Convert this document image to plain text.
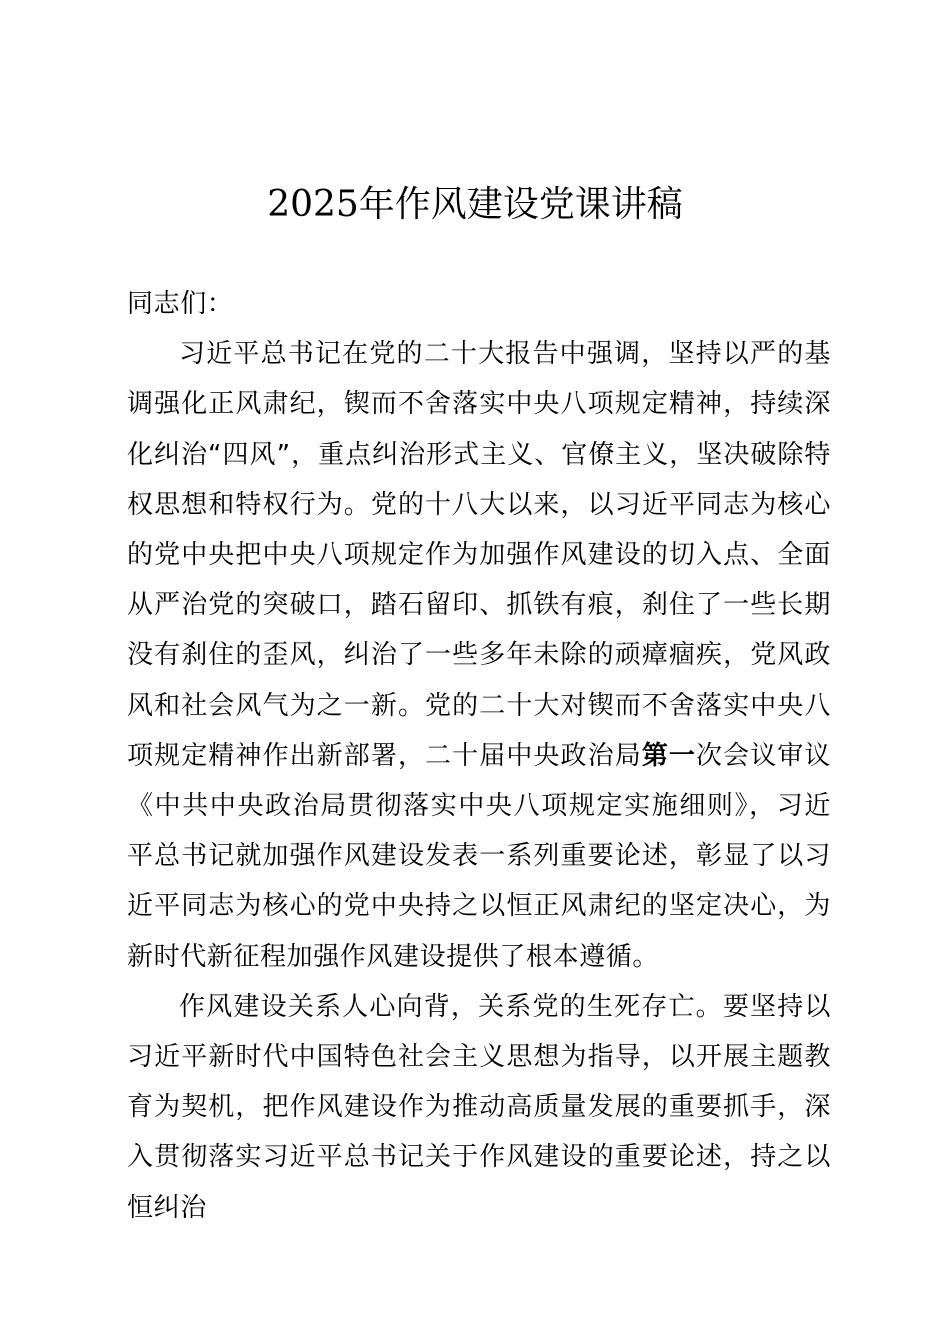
2025年作风建设党课讲稿

同志们：

习近平总书记在党的二十大报告中强调，坚持以严的基调强化正风肃纪，锲而不舍落实中央八项规定精神，持续深化纠治“四风”，重点纠治形式主义、官僚主义，坚决破除特权思想和特权行为。党的十八大以来，以习近平同志为核心的党中央把中央八项规定作为加强作风建设的切入点、全面从严治党的突破口，踏石留印、抓铁有痕，刹住了一些长期没有刹住的歪风，纠治了一些多年未除的顽瘴痼疾，党风政风和社会风气为之一新。党的二十大对锲而不舍落实中央八项规定精神作出新部署，二十届中央政治局第一次会议审议《中共中央政治局贯彻落实中央八项规定实施细则》，习近平总书记就加强作风建设发表一系列重要论述，彰显了以习近平同志为核心的党中央持之以恒正风肃纪的坚定决心，为新时代新征程加强作风建设提供了根本遵循。

作风建设关系人心向背，关系党的生死存亡。要坚持以习近平新时代中国特色社会主义思想为指导，以开展主题教育为契机，把作风建设作为推动高质量发展的重要抓手，深入贯彻落实习近平总书记关于作风建设的重要论述，持之以恒纠治
